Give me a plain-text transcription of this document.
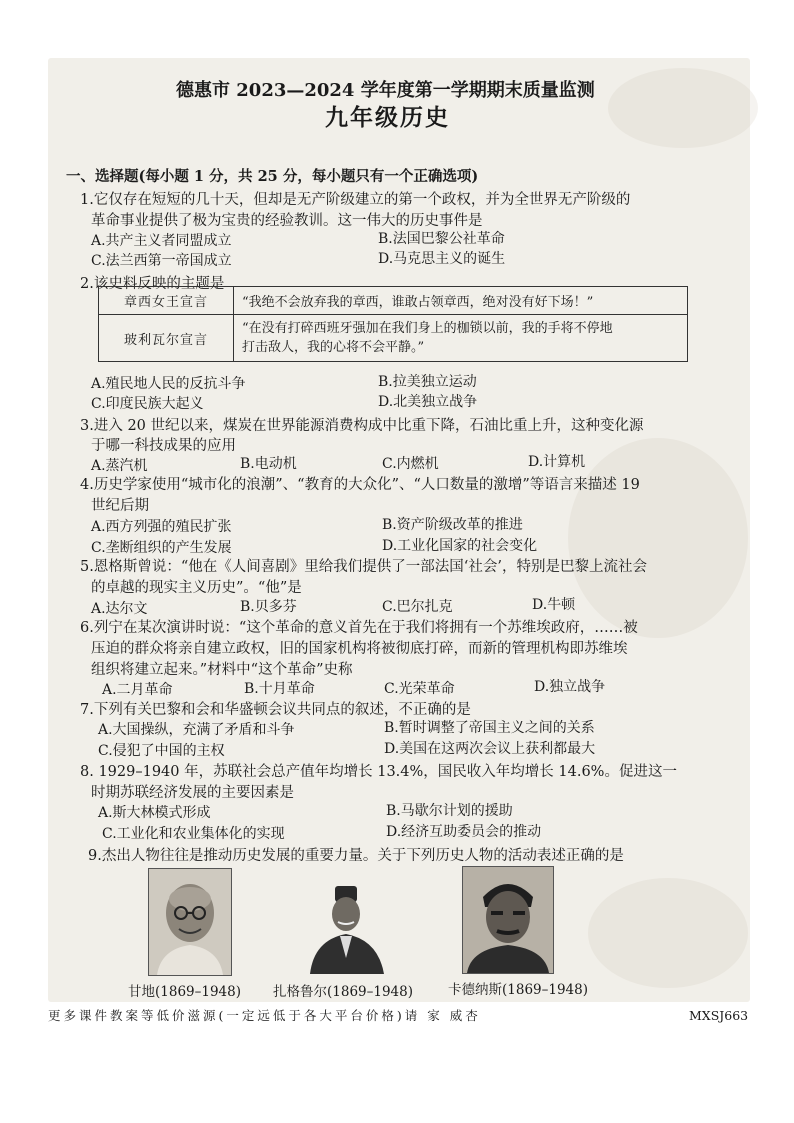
德惠市 2023—2024 学年度第一学期期末质量监测
九年级历史
一、选择题(每小题 1 分，共 25 分，每小题只有一个正确选项)
1.它仅存在短短的几十天，但却是无产阶级建立的第一个政权，并为全世界无产阶级的
革命事业提供了极为宝贵的经验教训。这一伟大的历史事件是
A.共产主义者同盟成立	B.法国巴黎公社革命
C.法兰西第一帝国成立	D.马克思主义的诞生
2.该史料反映的主题是
章西女王宣言	“我绝不会放弃我的章西，谁敢占领章西，绝对没有好下场！”
玻利瓦尔宣言	“在没有打碎西班牙强加在我们身上的枷锁以前，我的手将不停地
打击敌人，我的心将不会平静。”
A.殖民地人民的反抗斗争	B.拉美独立运动
C.印度民族大起义	D.北美独立战争
3.进入 20 世纪以来，煤炭在世界能源消费构成中比重下降，石油比重上升，这种变化源
于哪一科技成果的应用
A.蒸汽机	B.电动机	C.内燃机	D.计算机
4.历史学家使用“城市化的浪潮”、“教育的大众化”、“人口数量的激增”等语言来描述 19
世纪后期
A.西方列强的殖民扩张	B.资产阶级改革的推进
C.垄断组织的产生发展	D.工业化国家的社会变化
5.恩格斯曾说：“他在《人间喜剧》里给我们提供了一部法国‘社会’，特别是巴黎上流社会
的卓越的现实主义历史”。“他”是
A.达尔文	B.贝多芬	C.巴尔扎克	D.牛顿
6.列宁在某次演讲时说：“这个革命的意义首先在于我们将拥有一个苏维埃政府，……被
压迫的群众将亲自建立政权，旧的国家机构将被彻底打碎，而新的管理机构即苏维埃
组织将建立起来。”材料中“这个革命”史称
A.二月革命	B.十月革命	C.光荣革命	D.独立战争
7.下列有关巴黎和会和华盛顿会议共同点的叙述，不正确的是
A.大国操纵，充满了矛盾和斗争	B.暂时调整了帝国主义之间的关系
C.侵犯了中国的主权	D.美国在这两次会议上获利都最大
8. 1929–1940 年，苏联社会总产值年均增长 13.4%，国民收入年均增长 14.6%。促进这一
时期苏联经济发展的主要因素是
A.斯大林模式形成	B.马歇尔计划的援助
C.工业化和农业集体化的实现	D.经济互助委员会的推动
9.杰出人物往往是推动历史发展的重要力量。关于下列历史人物的活动表述正确的是
甘地(1869–1948) 扎格鲁尔(1869–1948)	卡德纳斯(1869–1948)
更多课件教案等低价滋源(一定远低于各大平台价格)请 家 威杏	MXSJ663
